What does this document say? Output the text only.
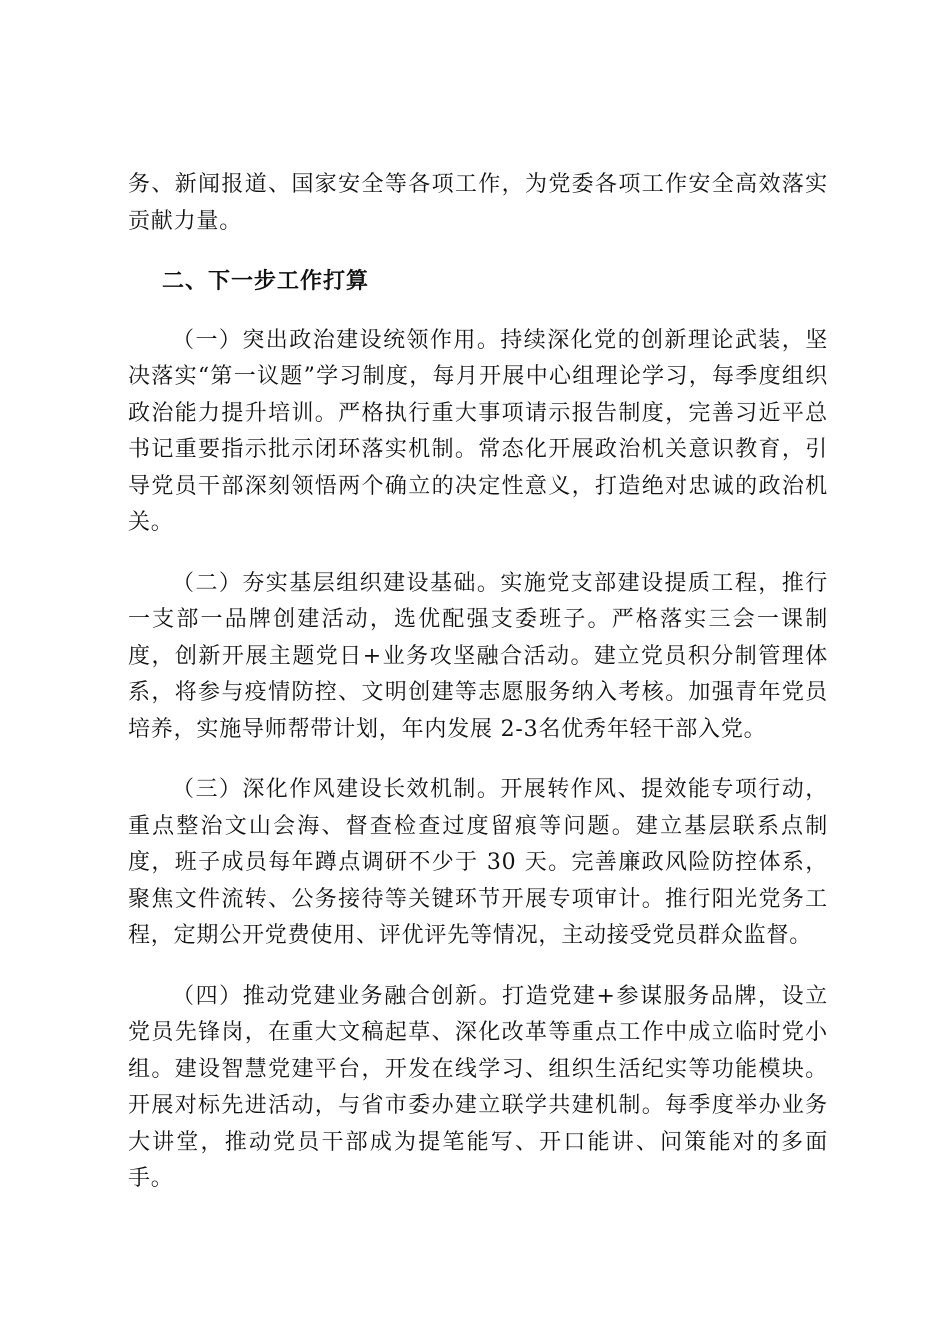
务、新闻报道、国家安全等各项工作，为党委各项工作安全高效落实贡献力量。

二、下一步工作打算

（一）突出政治建设统领作用。持续深化党的创新理论武装，坚决落实“第一议题”学习制度，每月开展中心组理论学习，每季度组织政治能力提升培训。严格执行重大事项请示报告制度，完善习近平总书记重要指示批示闭环落实机制。常态化开展政治机关意识教育，引导党员干部深刻领悟两个确立的决定性意义，打造绝对忠诚的政治机关。

（二）夯实基层组织建设基础。实施党支部建设提质工程，推行一支部一品牌创建活动，选优配强支委班子。严格落实三会一课制度，创新开展主题党日+业务攻坚融合活动。建立党员积分制管理体系，将参与疫情防控、文明创建等志愿服务纳入考核。加强青年党员培养，实施导师帮带计划，年内发展 2-3名优秀年轻干部入党。

（三）深化作风建设长效机制。开展转作风、提效能专项行动，重点整治文山会海、督查检查过度留痕等问题。建立基层联系点制度，班子成员每年蹲点调研不少于 30 天。完善廉政风险防控体系，聚焦文件流转、公务接待等关键环节开展专项审计。推行阳光党务工程，定期公开党费使用、评优评先等情况，主动接受党员群众监督。

（四）推动党建业务融合创新。打造党建+参谋服务品牌，设立党员先锋岗，在重大文稿起草、深化改革等重点工作中成立临时党小组。建设智慧党建平台，开发在线学习、组织生活纪实等功能模块。开展对标先进活动，与省市委办建立联学共建机制。每季度举办业务大讲堂，推动党员干部成为提笔能写、开口能讲、问策能对的多面手。
